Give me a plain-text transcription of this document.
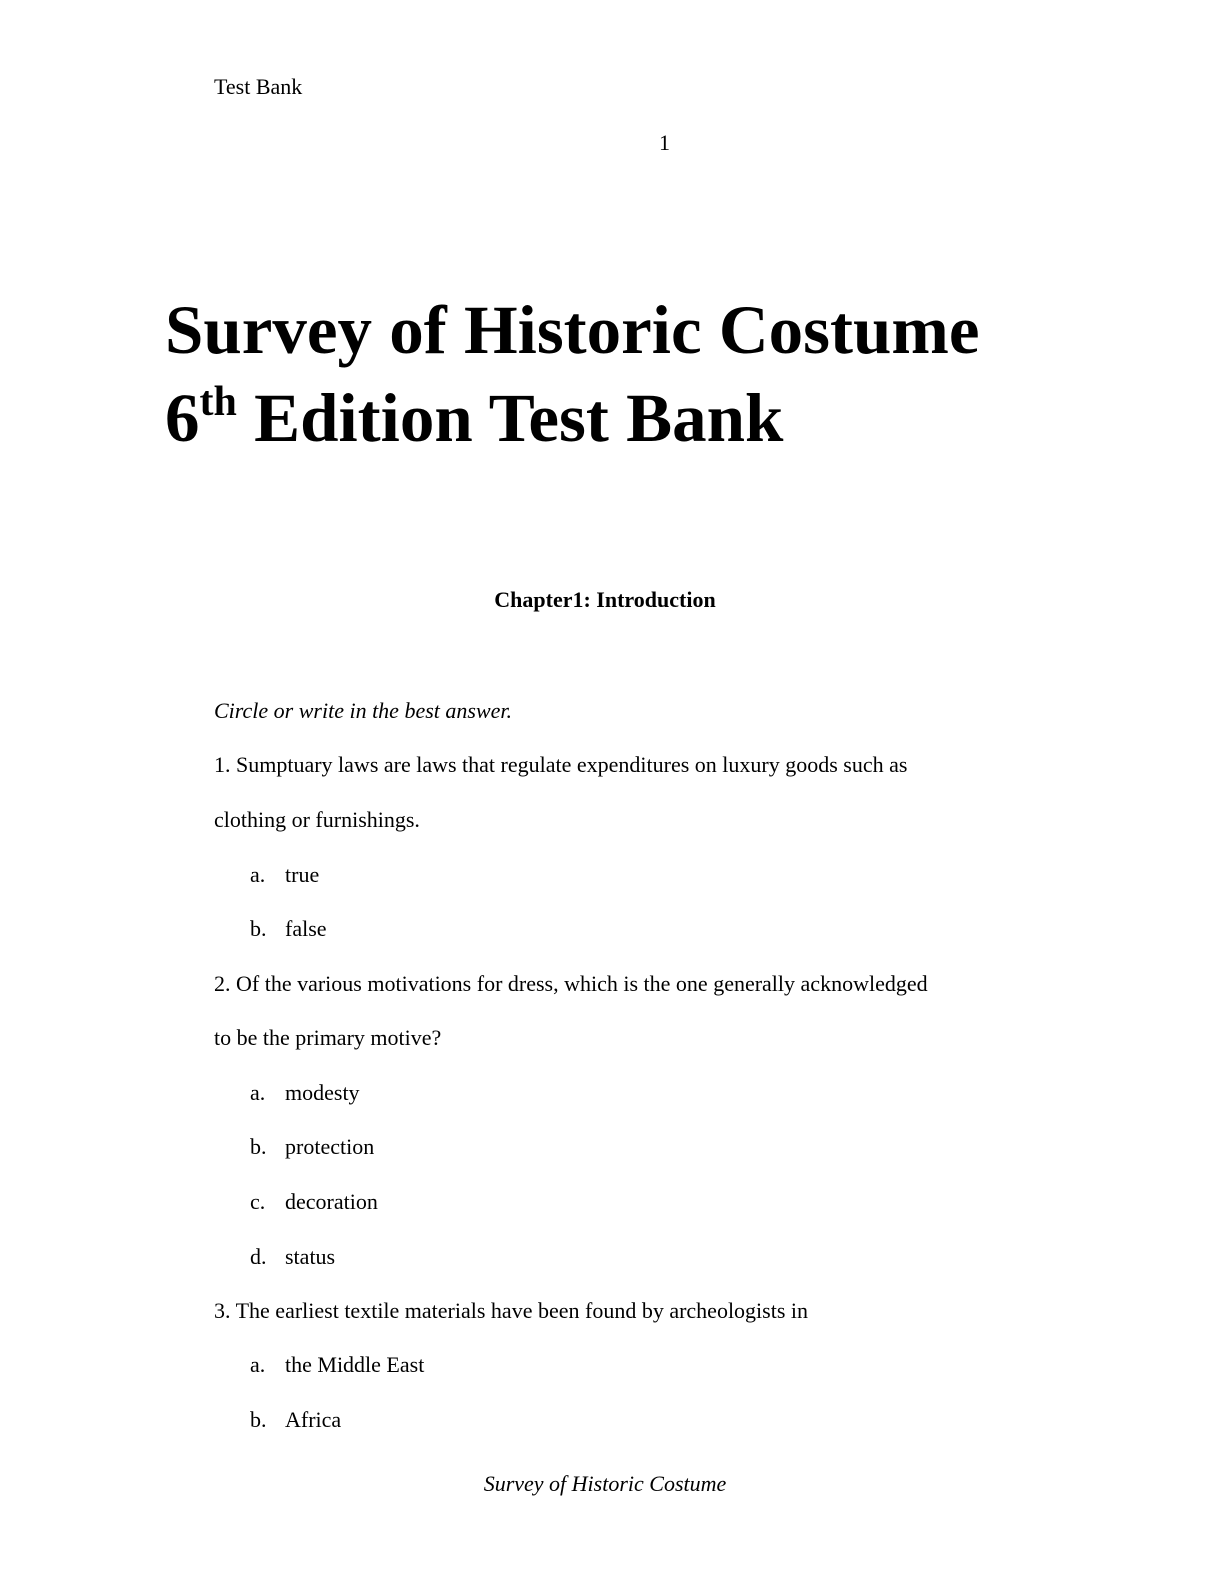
Test Bank
1
Survey of Historic Costume
6th Edition Test Bank
Chapter1: Introduction
Circle or write in the best answer.
1. Sumptuary laws are laws that regulate expenditures on luxury goods such as
clothing or furnishings.
a. true
b. false
2. Of the various motivations for dress, which is the one generally acknowledged
to be the primary motive?
a. modesty
b. protection
c. decoration
d. status
3. The earliest textile materials have been found by archeologists in
a. the Middle East
b. Africa
Survey of Historic Costume
